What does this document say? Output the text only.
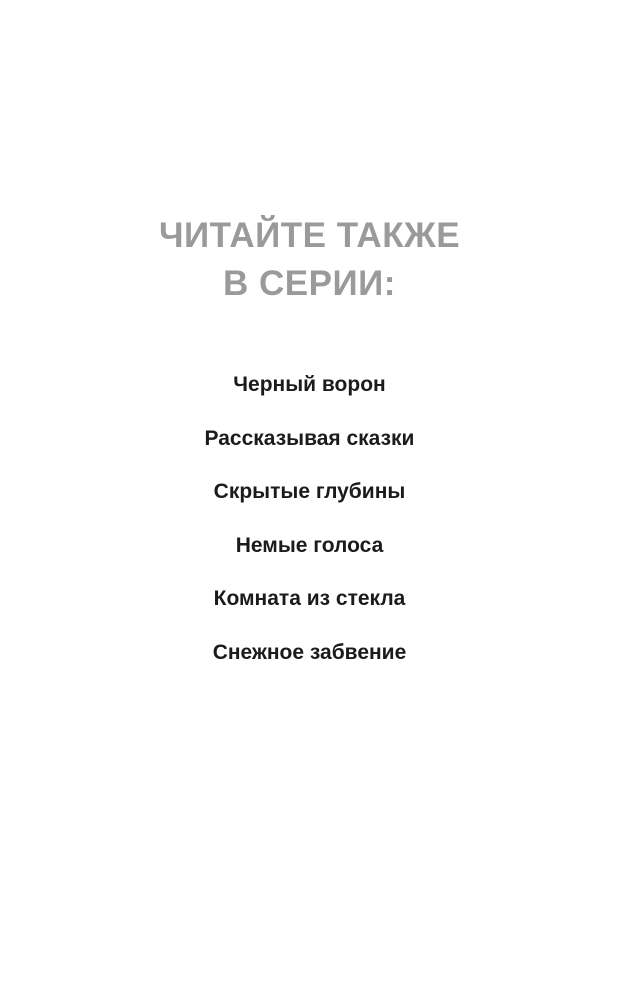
ЧИТАЙТЕ ТАКЖЕ
В СЕРИИ:
Черный ворон
Рассказывая сказки
Скрытые глубины
Немые голоса
Комната из стекла
Снежное забвение
